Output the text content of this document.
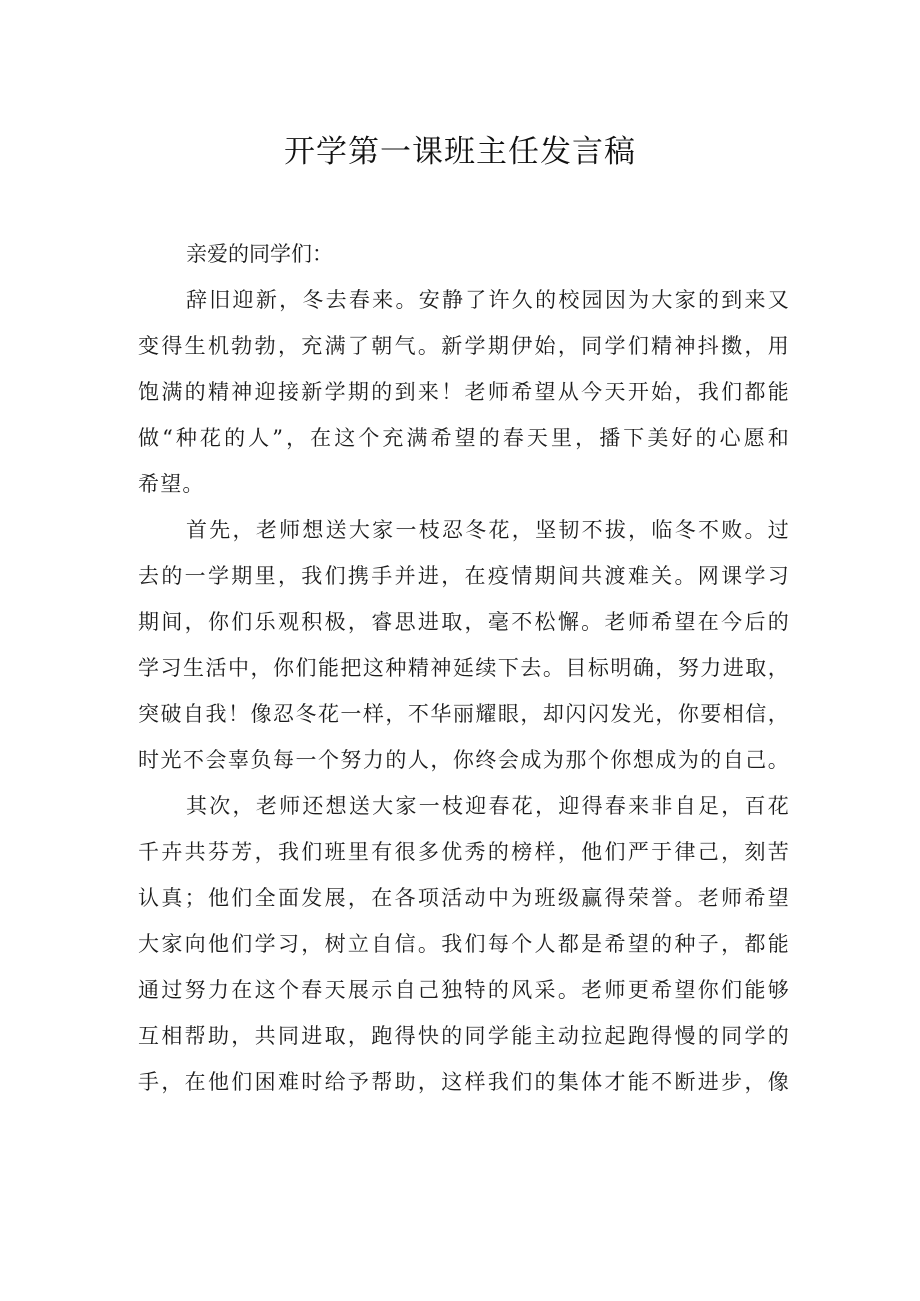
开学第一课班主任发言稿

亲爱的同学们：

辞旧迎新，冬去春来。安静了许久的校园因为大家的到来又
变得生机勃勃，充满了朝气。新学期伊始，同学们精神抖擞，用
饱满的精神迎接新学期的到来！老师希望从今天开始，我们都能
做“种花的人”，在这个充满希望的春天里，播下美好的心愿和
希望。

首先，老师想送大家一枝忍冬花，坚韧不拔，临冬不败。过
去的一学期里，我们携手并进，在疫情期间共渡难关。网课学习
期间，你们乐观积极，睿思进取，毫不松懈。老师希望在今后的
学习生活中，你们能把这种精神延续下去。目标明确，努力进取，
突破自我！像忍冬花一样，不华丽耀眼，却闪闪发光，你要相信，
时光不会辜负每一个努力的人，你终会成为那个你想成为的自己。

其次，老师还想送大家一枝迎春花，迎得春来非自足，百花
千卉共芬芳，我们班里有很多优秀的榜样，他们严于律己，刻苦
认真；他们全面发展，在各项活动中为班级赢得荣誉。老师希望
大家向他们学习，树立自信。我们每个人都是希望的种子，都能
通过努力在这个春天展示自己独特的风采。老师更希望你们能够
互相帮助，共同进取，跑得快的同学能主动拉起跑得慢的同学的
手，在他们困难时给予帮助，这样我们的集体才能不断进步，像
